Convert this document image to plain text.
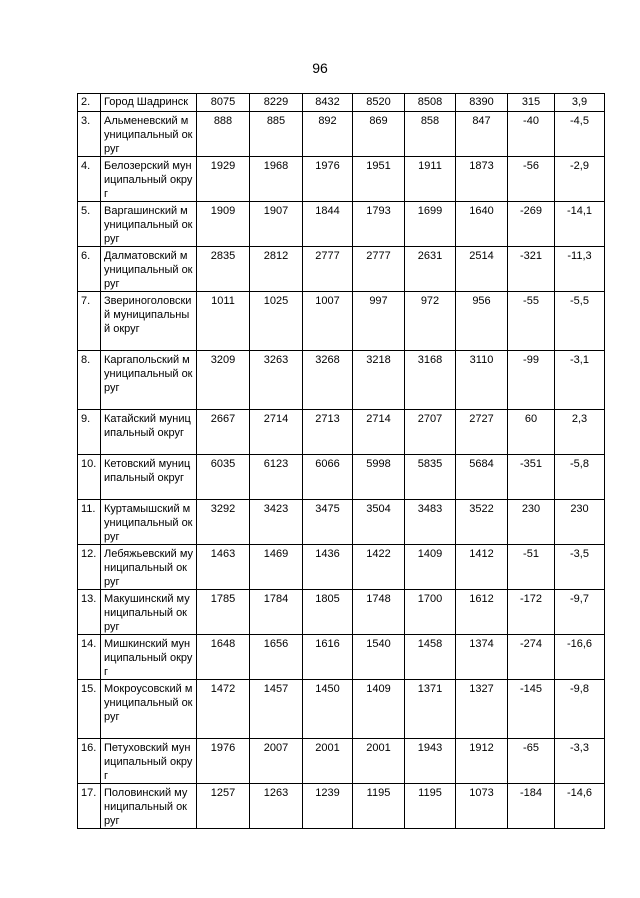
96
2.	Город Шадринск	8075	8229	8432	8520	8508	8390	315	3,9
3.	Альменевский муниципальный округ	888	885	892	869	858	847	-40	-4,5
4.	Белозерский муниципальный округ	1929	1968	1976	1951	1911	1873	-56	-2,9
5.	Варгашинский муниципальный округ	1909	1907	1844	1793	1699	1640	-269	-14,1
6.	Далматовский муниципальный округ	2835	2812	2777	2777	2631	2514	-321	-11,3
7.	Звериноголовский муниципальный округ	1011	1025	1007	997	972	956	-55	-5,5
8.	Каргапольский муниципальный округ	3209	3263	3268	3218	3168	3110	-99	-3,1
9.	Катайский муниципальный округ	2667	2714	2713	2714	2707	2727	60	2,3
10.	Кетовский муниципальный округ	6035	6123	6066	5998	5835	5684	-351	-5,8
11.	Куртамышский муниципальный округ	3292	3423	3475	3504	3483	3522	230	230
12.	Лебяжьевский муниципальный округ	1463	1469	1436	1422	1409	1412	-51	-3,5
13.	Макушинский муниципальный округ	1785	1784	1805	1748	1700	1612	-172	-9,7
14.	Мишкинский муниципальный округ	1648	1656	1616	1540	1458	1374	-274	-16,6
15.	Мокроусовский муниципальный округ	1472	1457	1450	1409	1371	1327	-145	-9,8
16.	Петуховский муниципальный округ	1976	2007	2001	2001	1943	1912	-65	-3,3
17.	Половинский муниципальный округ	1257	1263	1239	1195	1195	1073	-184	-14,6
